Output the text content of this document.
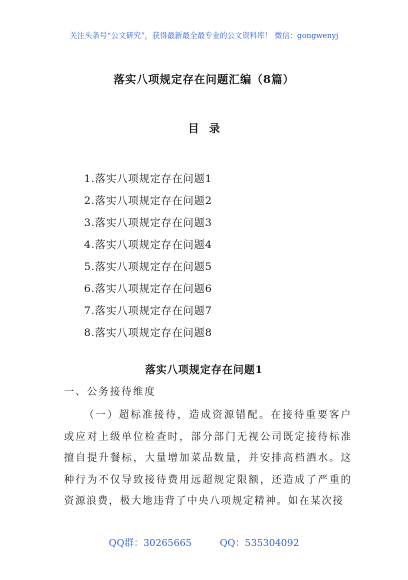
关注头条号“公文研究”，获得最新最全最专业的公文资料库！ 微信：gongwenyj
落实八项规定存在问题汇编（8篇）
目录
1.落实八项规定存在问题1
2.落实八项规定存在问题2
3.落实八项规定存在问题3
4.落实八项规定存在问题4
5.落实八项规定存在问题5
6.落实八项规定存在问题6
7.落实八项规定存在问题7
8.落实八项规定存在问题8
落实八项规定存在问题1
一、公务接待维度

（一）超标准接待，造成资源错配。在接待重要客户或应对上级单位检查时，部分部门无视公司既定接待标准擅自提升餐标，大量增加菜品数量，并安排高档酒水。这种行为不仅导致接待费用远超规定限额，还造成了严重的资源浪费，极大地违背了中央八项规定精神。如在某次接

QQ群：30265665	QQ：535304092
